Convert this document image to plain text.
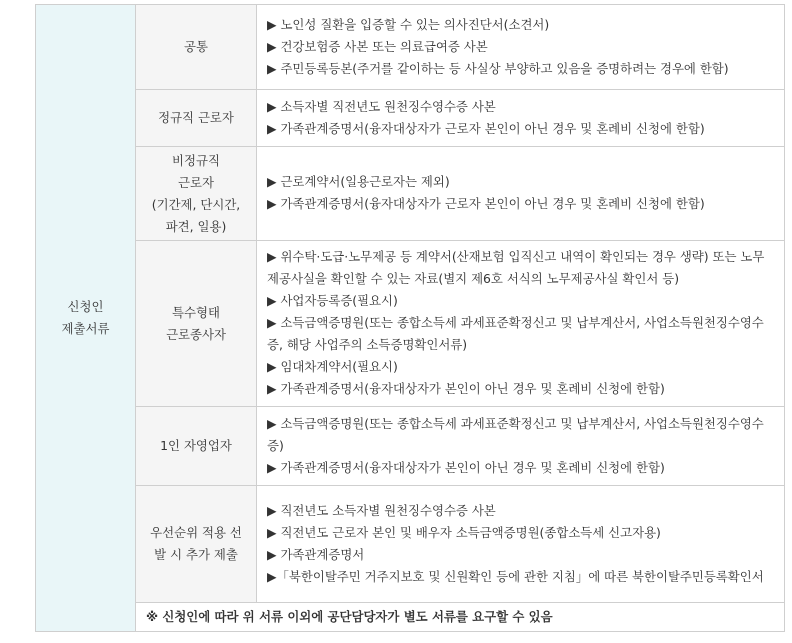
신청인
제출서류	공통	▶ 노인성 질환을 입증할 수 있는 의사진단서(소견서)
▶ 건강보험증 사본 또는 의료급여증 사본
▶ 주민등록등본(주거를 같이하는 등 사실상 부양하고 있음을 증명하려는 경우에 한함)

	정규직 근로자	▶ 소득자별 직전년도 원천징수영수증 사본
▶ 가족관계증명서(융자대상자가 근로자 본인이 아닌 경우 및 혼례비 신청에 한함)

	비정규직
근로자
(기간제, 단시간,
파견, 일용)	▶ 근로계약서(일용근로자는 제외)
▶ 가족관계증명서(융자대상자가 근로자 본인이 아닌 경우 및 혼례비 신청에 한함)

	특수형태
근로종사자	▶ 위수탁·도급·노무제공 등 계약서(산재보험 입직신고 내역이 확인되는 경우 생략) 또는 노무제공사실을 확인할 수 있는 자료(별지 제6호 서식의 노무제공사실 확인서 등)
▶ 사업자등록증(필요시)
▶ 소득금액증명원(또는 종합소득세 과세표준확정신고 및 납부계산서, 사업소득원천징수영수증, 해당 사업주의 소득증명확인서류)
▶ 임대차계약서(필요시)
▶ 가족관계증명서(융자대상자가 본인이 아닌 경우 및 혼례비 신청에 한함)

	1인 자영업자	▶ 소득금액증명원(또는 종합소득세 과세표준확정신고 및 납부계산서, 사업소득원천징수영수증)
▶ 가족관계증명서(융자대상자가 본인이 아닌 경우 및 혼례비 신청에 한함)

	우선순위 적용 선
발 시 추가 제출	▶ 직전년도 소득자별 원천징수영수증 사본
▶ 직전년도 근로자 본인 및 배우자 소득금액증명원(종합소득세 신고자용)
▶ 가족관계증명서
▶「북한이탈주민 거주지보호 및 신원확인 등에 관한 지침」에 따른 북한이탈주민등록확인서

	※ 신청인에 따라 위 서류 이외에 공단담당자가 별도 서류를 요구할 수 있음	
